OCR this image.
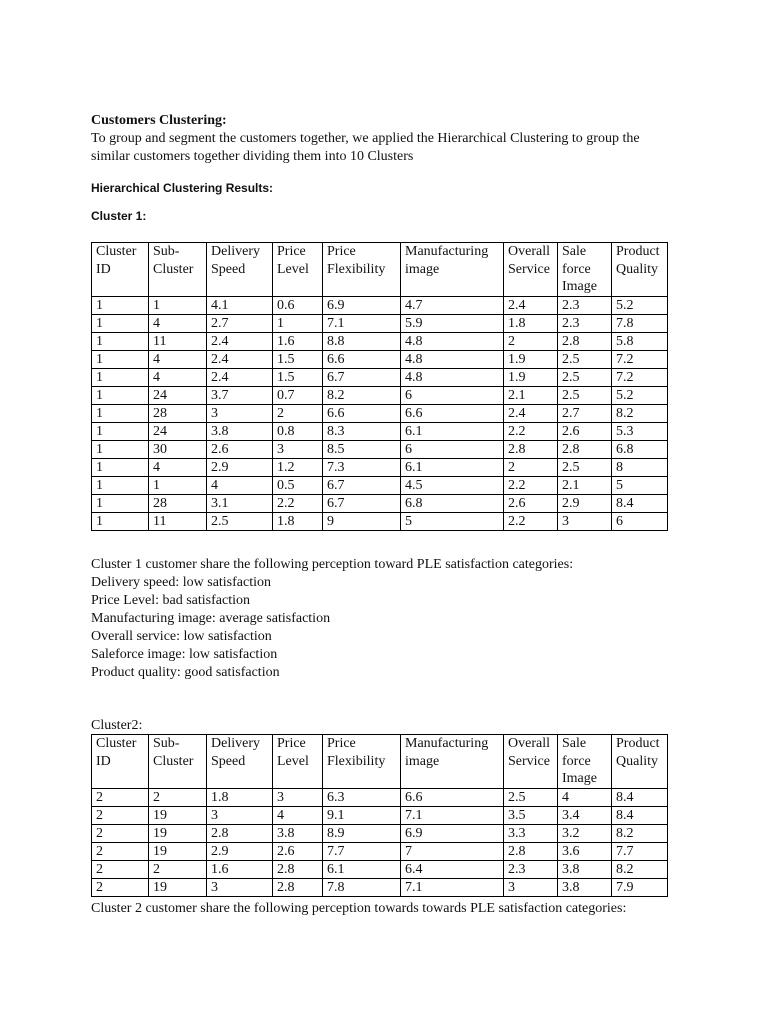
Customers Clustering:
To group and segment the customers together, we applied the Hierarchical Clustering to group the similar customers together dividing them into 10 Clusters
Hierarchical Clustering Results:
Cluster 1:
Cluster ID	Sub-Cluster	Delivery Speed	Price Level	Price Flexibility	Manufacturing image	Overall Service	Sale force Image	Product Quality
1	1	4.1	0.6	6.9	4.7	2.4	2.3	5.2
1	4	2.7	1	7.1	5.9	1.8	2.3	7.8
1	11	2.4	1.6	8.8	4.8	2	2.8	5.8
1	4	2.4	1.5	6.6	4.8	1.9	2.5	7.2
1	4	2.4	1.5	6.7	4.8	1.9	2.5	7.2
1	24	3.7	0.7	8.2	6	2.1	2.5	5.2
1	28	3	2	6.6	6.6	2.4	2.7	8.2
1	24	3.8	0.8	8.3	6.1	2.2	2.6	5.3
1	30	2.6	3	8.5	6	2.8	2.8	6.8
1	4	2.9	1.2	7.3	6.1	2	2.5	8
1	1	4	0.5	6.7	4.5	2.2	2.1	5
1	28	3.1	2.2	6.7	6.8	2.6	2.9	8.4
1	11	2.5	1.8	9	5	2.2	3	6
Cluster 1 customer share the following perception toward PLE satisfaction categories:
Delivery speed: low satisfaction
Price Level: bad satisfaction
Manufacturing image: average satisfaction
Overall service: low satisfaction
Saleforce image: low satisfaction
Product quality: good satisfaction
Cluster2:
Cluster ID	Sub-Cluster	Delivery Speed	Price Level	Price Flexibility	Manufacturing image	Overall Service	Sale force Image	Product Quality
2	2	1.8	3	6.3	6.6	2.5	4	8.4
2	19	3	4	9.1	7.1	3.5	3.4	8.4
2	19	2.8	3.8	8.9	6.9	3.3	3.2	8.2
2	19	2.9	2.6	7.7	7	2.8	3.6	7.7
2	2	1.6	2.8	6.1	6.4	2.3	3.8	8.2
2	19	3	2.8	7.8	7.1	3	3.8	7.9
Cluster 2 customer share the following perception towards towards PLE satisfaction categories:
